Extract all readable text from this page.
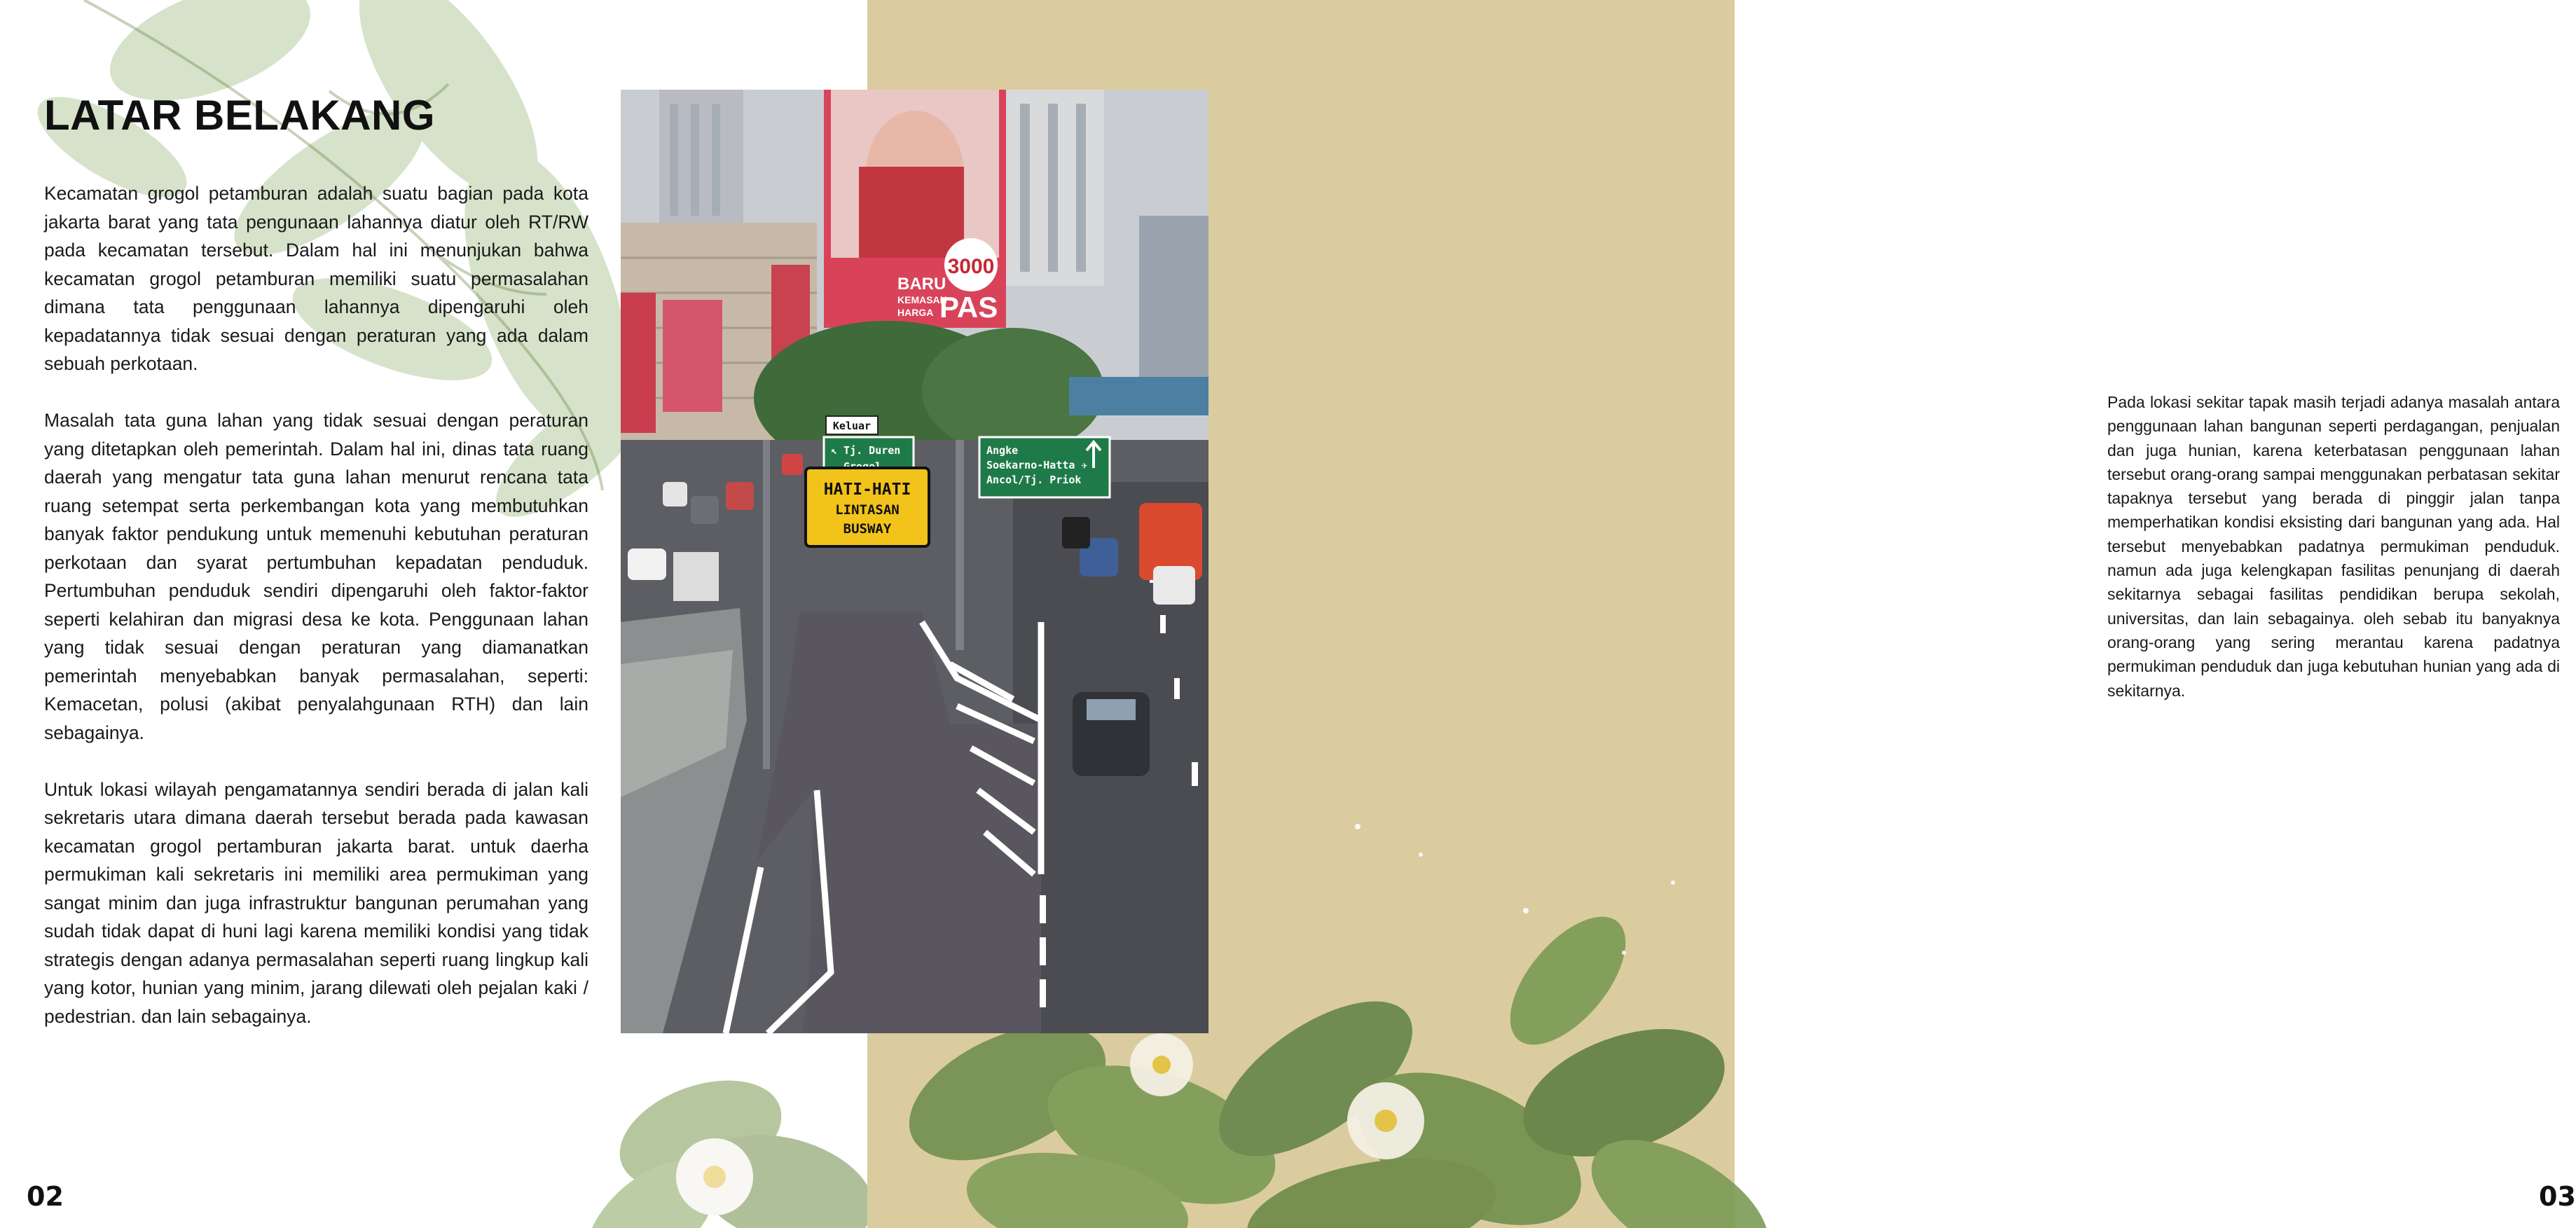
LATAR BELAKANG

Kecamatan grogol petamburan adalah suatu bagian pada kota jakarta barat yang tata pengunaan lahannya diatur oleh RT/RW pada kecamatan tersebut. Dalam hal ini menunjukan bahwa kecamatan grogol petamburan memiliki suatu permasalahan dimana tata penggunaan lahannya dipengaruhi oleh kepadatannya tidak sesuai dengan peraturan yang ada dalam sebuah perkotaan.

Masalah tata guna lahan yang tidak sesuai dengan peraturan yang ditetapkan oleh pemerintah. Dalam hal ini, dinas tata ruang daerah yang mengatur tata guna lahan menurut rencana tata ruang setempat serta perkembangan kota yang membutuhkan banyak faktor pendukung untuk memenuhi kebutuhan peraturan perkotaan dan syarat pertumbuhan kepadatan penduduk. Pertumbuhan penduduk sendiri dipengaruhi oleh faktor-faktor seperti kelahiran dan migrasi desa ke kota. Penggunaan lahan yang tidak sesuai dengan peraturan yang diamanatkan pemerintah menyebabkan banyak permasalahan, seperti: Kemacetan, polusi (akibat penyalahgunaan RTH) dan lain sebagainya.

Untuk lokasi wilayah pengamatannya sendiri berada di jalan kali sekretaris utara dimana daerah tersebut berada pada kawasan kecamatan grogol pertamburan jakarta barat. untuk daerha permukiman kali sekretaris ini memiliki area permukiman yang sangat minim dan juga infrastruktur bangunan perumahan yang sudah tidak dapat di huni lagi karena memiliki kondisi yang tidak strategis dengan adanya permasalahan seperti ruang lingkup kali yang kotor, hunian yang minim, jarang dilewati oleh pejalan kaki / pedestrian. dan lain sebagainya.

02

Pada lokasi sekitar tapak masih terjadi adanya masalah antara penggunaan lahan bangunan seperti perdagangan, penjualan dan juga hunian, karena keterbatasan penggunaan lahan tersebut orang-orang sampai menggunakan perbatasan sekitar tapaknya tersebut yang berada di pinggir jalan tanpa memperhatikan kondisi eksisting dari bangunan yang ada. Hal tersebut menyebabkan padatnya permukiman penduduk. namun ada juga kelengkapan fasilitas penunjang di daerah sekitarnya sebagai fasilitas pendidikan berupa sekolah, universitas, dan lain sebagainya. oleh sebab itu banyaknya orang-orang yang sering merantau karena padatnya permukiman penduduk dan juga kebutuhan hunian yang ada di sekitarnya.

03
3000
BARU
KEMASAN
HARGA PAS
Keluar
↖ Tj. Duren	Angke
Soekarno-Hatta ✈
Ancol/Tj. Priok
HATI-HATI
LINTASAN
BUSWAY
